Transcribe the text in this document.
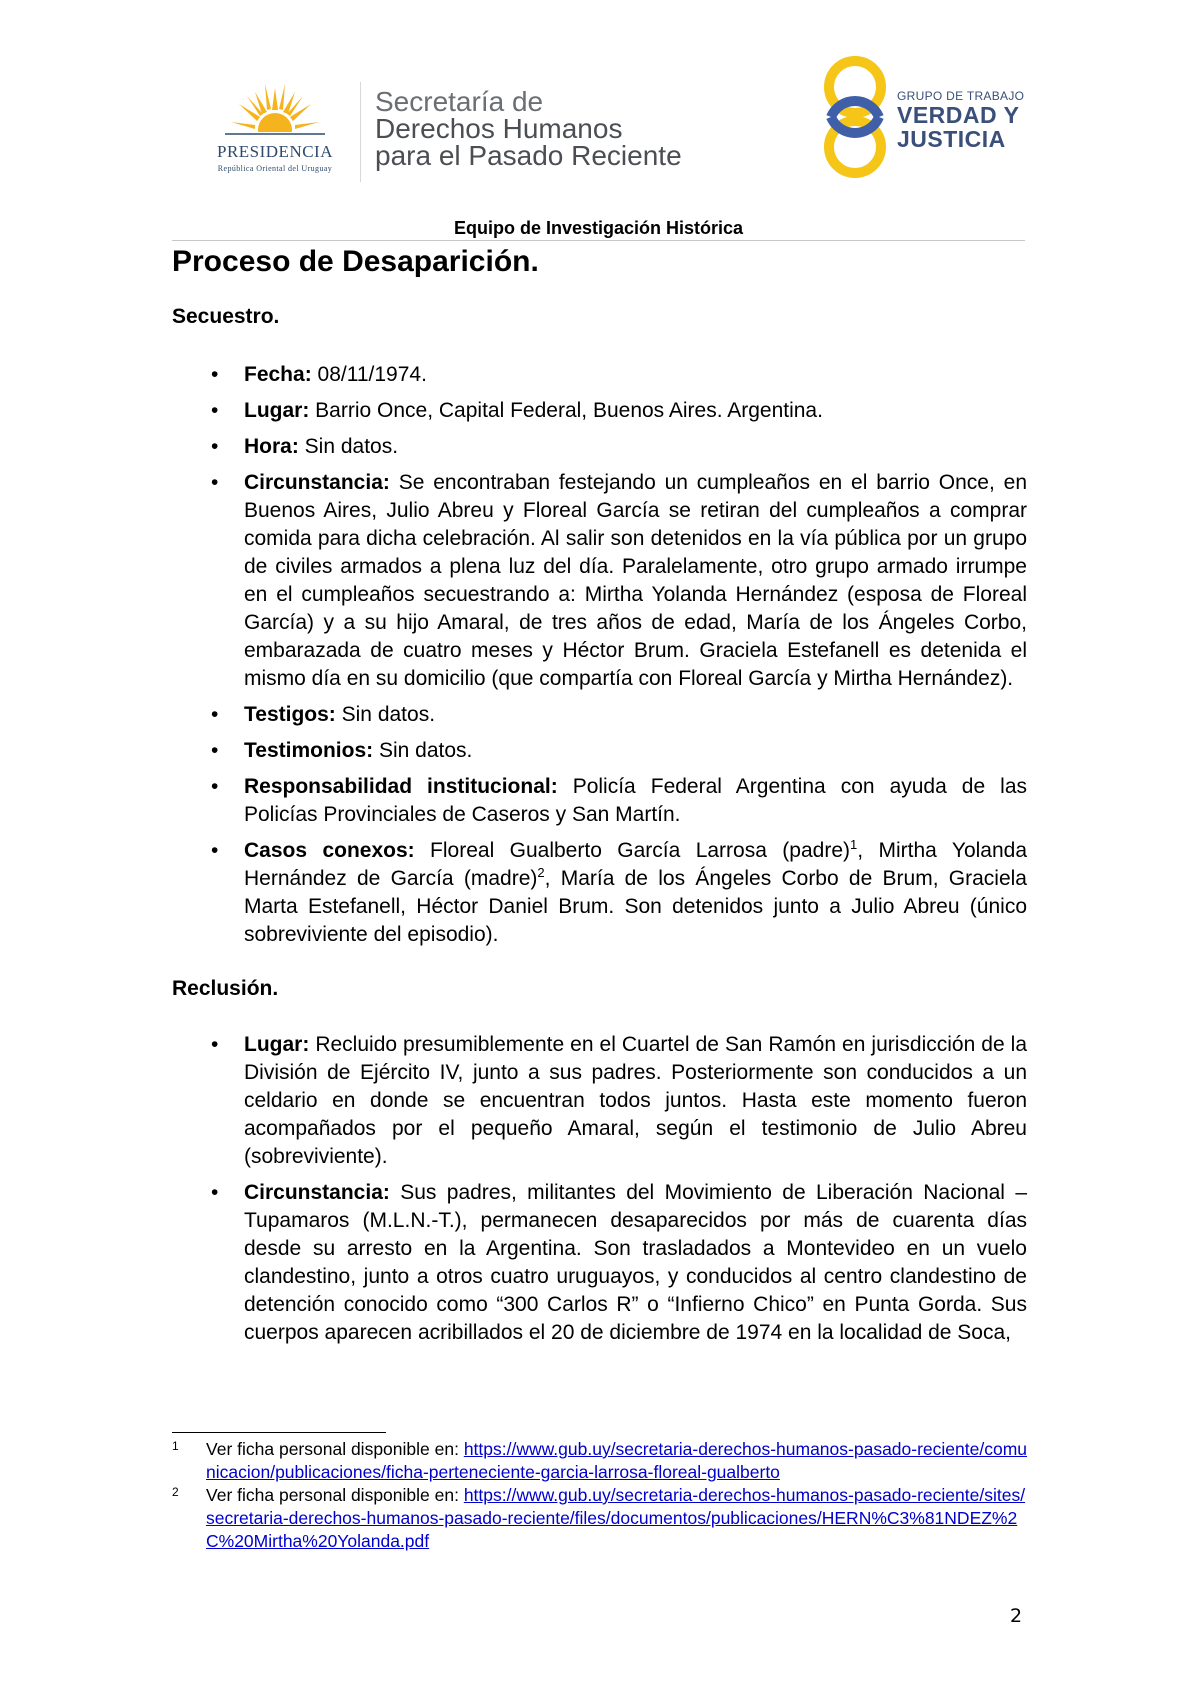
PRESIDENCIA
República Oriental del Uruguay
Secretaría de
Derechos Humanos
para el Pasado Reciente
GRUPO DE TRABAJO
VERDAD Y
JUSTICIA
Equipo de Investigación Histórica
Proceso de Desaparición.
Secuestro.
• Fecha: 08/11/1974.
• Lugar: Barrio Once, Capital Federal, Buenos Aires. Argentina.
• Hora: Sin datos.
• Circunstancia: Se encontraban festejando un cumpleaños en el barrio Once, en Buenos Aires, Julio Abreu y Floreal García se retiran del cumpleaños a comprar comida para dicha celebración. Al salir son detenidos en la vía pública por un grupo de civiles armados a plena luz del día. Paralelamente, otro grupo armado irrumpe en el cumpleaños secuestrando a: Mirtha Yolanda Hernández (esposa de Floreal García) y a su hijo Amaral, de tres años de edad, María de los Ángeles Corbo, embarazada de cuatro meses y Héctor Brum. Graciela Estefanell es detenida el mismo día en su domicilio (que compartía con Floreal García y Mirtha Hernández).
• Testigos: Sin datos.
• Testimonios: Sin datos.
• Responsabilidad institucional: Policía Federal Argentina con ayuda de las Policías Provinciales de Caseros y San Martín.
• Casos conexos: Floreal Gualberto García Larrosa (padre)$^1$, Mirtha Yolanda Hernández de García (madre)$^2$, María de los Ángeles Corbo de Brum, Graciela Marta Estefanell, Héctor Daniel Brum. Son detenidos junto a Julio Abreu (único sobreviviente del episodio).
Reclusión.
• Lugar: Recluido presumiblemente en el Cuartel de San Ramón en jurisdicción de la División de Ejército IV, junto a sus padres. Posteriormente son conducidos a un celdario en donde se encuentran todos juntos. Hasta este momento fueron acompañados por el pequeño Amaral, según el testimonio de Julio Abreu (sobreviviente).
• Circunstancia: Sus padres, militantes del Movimiento de Liberación Nacional –Tupamaros (M.L.N.-T.), permanecen desaparecidos por más de cuarenta días desde su arresto en la Argentina. Son trasladados a Montevideo en un vuelo clandestino, junto a otros cuatro uruguayos, y conducidos al centro clandestino de detención conocido como “300 Carlos R” o “Infierno Chico” en Punta Gorda. Sus cuerpos aparecen acribillados el 20 de diciembre de 1974 en la localidad de Soca,
1 Ver ficha personal disponible en: https://www.gub.uy/secretaria-derechos-humanos-pasado-reciente/comunicacion/publicaciones/ficha-perteneciente-garcia-larrosa-floreal-gualberto
2 Ver ficha personal disponible en: https://www.gub.uy/secretaria-derechos-humanos-pasado-reciente/sites/secretaria-derechos-humanos-pasado-reciente/files/documentos/publicaciones/HERN%C3%81NDEZ%2C%20Mirtha%20Yolanda.pdf
2
